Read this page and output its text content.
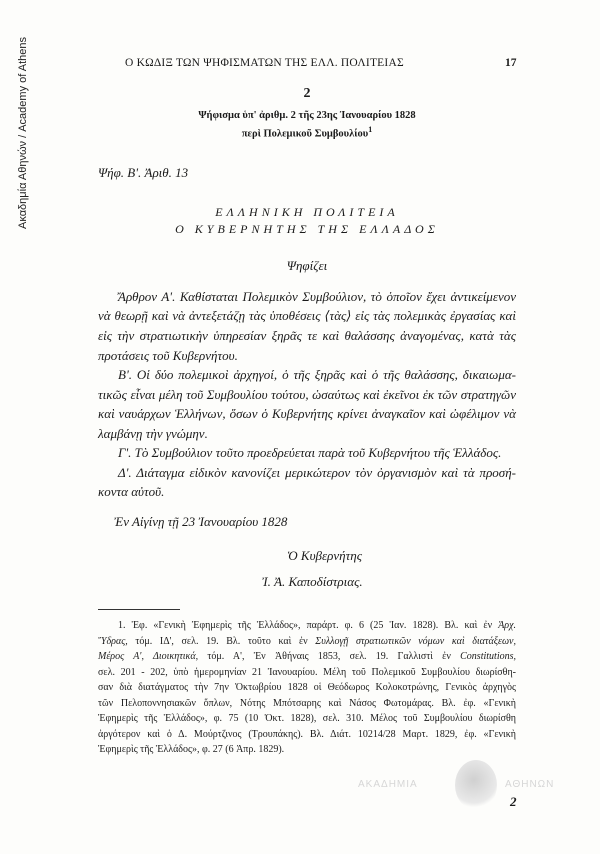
Ακαδημία Αθηνών / Academy of Athens	Ο ΚΩΔΙΞ ΤΩΝ ΨΗΦΙΣΜΑΤΩΝ ΤΗΣ ΕΛΛ. ΠΟΛΙΤΕΙΑΣ	17
2
Ψήφισμα ὑπ' ἀριθμ. 2 τῆς 23ης Ἰανουαρίου 1828
περὶ Πολεμικοῦ Συμβουλίου$^1$
Ψήφ. Β'. Ἀριθ. 13
ΕΛΛΗΝΙΚΗ ΠΟΛΙΤΕΙΑ
Ο ΚΥΒΕΡΝΗΤΗΣ ΤΗΣ ΕΛΛΑΔΟΣ
Ψηφίζει
Ἄρθρον Α'. Καθίσταται Πολεμικὸν Συμβούλιον, τὸ ὁποῖον ἔχει ἀντικείμενον
νὰ θεωρῇ καὶ νὰ ἀντεξετάζῃ τὰς ὑποθέσεις ⟨τὰς⟩ εἰς τὰς πολεμικὰς ἐργασίας καὶ
εἰς τὴν στρατιωτικὴν ὑπηρεσίαν ξηρᾶς τε καὶ θαλάσσης ἀναγομένας, κατὰ τὰς
προτάσεις τοῦ Κυβερνήτου.
Β'. Οἱ δύο πολεμικοὶ ἀρχηγοί, ὁ τῆς ξηρᾶς καὶ ὁ τῆς θαλάσσης, δικαιωμα-
τικῶς εἶναι μέλη τοῦ Συμβουλίου τούτου, ὡσαύτως καὶ ἐκεῖνοι ἐκ τῶν στρατηγῶν
καὶ ναυάρχων Ἑλλήνων, ὅσων ὁ Κυβερνήτης κρίνει ἀναγκαῖον καὶ ὠφέλιμον νὰ
λαμβάνῃ τὴν γνώμην.
Γ'. Τὸ Συμβούλιον τοῦτο προεδρεύεται παρὰ τοῦ Κυβερνήτου τῆς Ἑλλάδος.
Δ'. Διάταγμα εἰδικὸν κανονίζει μερικώτερον τὸν ὀργανισμὸν καὶ τὰ προσή-
κοντα αὐτοῦ.
Ἐν Αἰγίνῃ τῇ 23 Ἰανουαρίου 1828
Ὁ Κυβερνήτης
Ἰ. Ἀ. Καποδίστριας.
1. Ἐφ. «Γενικὴ Ἐφημερὶς τῆς Ἑλλάδος», παράρτ. φ. 6 (25 Ἰαν. 1828). Βλ. καὶ ἐν Ἀρχ.
Ὕδρας, τόμ. ΙΔ', σελ. 19. Βλ. τοῦτο καὶ ἐν Συλλογῇ στρατιωτικῶν νόμων καὶ διατάξεων,
Μέρος Α', Διοικητικά, τόμ. Α', Ἐν Ἀθήναις 1853, σελ. 19. Γαλλιστὶ ἐν Constitutions,
σελ. 201 - 202, ὑπὸ ἡμερομηνίαν 21 Ἰανουαρίου. Μέλη τοῦ Πολεμικοῦ Συμβουλίου διωρίσθη-
σαν διὰ διατάγματος τὴν 7ην Ὀκτωβρίου 1828 οἱ Θεόδωρος Κολοκοτρώνης, Γενικὸς ἀρχηγὸς
τῶν Πελοποννησιακῶν ὅπλων, Νότης Μπότσαρης καὶ Νάσος Φωτομάρας. Βλ. ἐφ. «Γενικὴ
Ἐφημερὶς τῆς Ἑλλάδος», φ. 75 (10 Ὀκτ. 1828), σελ. 310. Μέλος τοῦ Συμβουλίου διωρίσθη
ἀργότερον καὶ ὁ Δ. Μούρτζινος (Τρουπάκης). Βλ. Διάτ. 10214/28 Μαρτ. 1829, ἐφ. «Γενικὴ
Ἐφημερὶς τῆς Ἑλλάδος», φ. 27 (6 Ἀπρ. 1829).
ΑΚΑΔΗΜΙΑ	ΑΘΗΝΩΝ
2
